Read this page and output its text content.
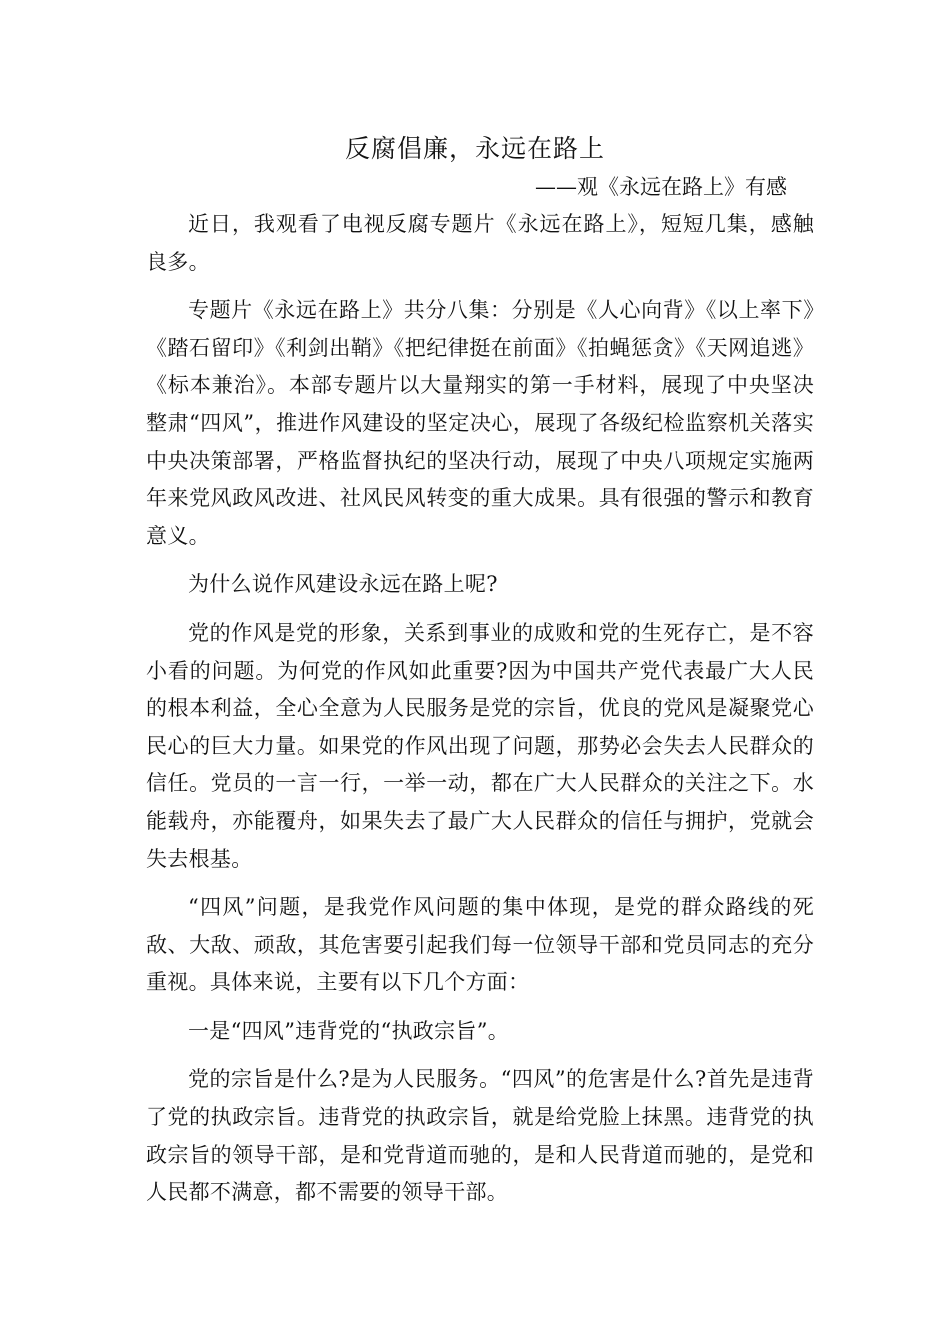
反腐倡廉，永远在路上
——观《永远在路上》有感

近日，我观看了电视反腐专题片《永远在路上》，短短几集，感触良多。

专题片《永远在路上》共分八集：分别是《人心向背》《以上率下》《踏石留印》《利剑出鞘》《把纪律挺在前面》《拍蝇惩贪》《天网追逃》《标本兼治》。本部专题片以大量翔实的第一手材料，展现了中央坚决整肃“四风”，推进作风建设的坚定决心，展现了各级纪检监察机关落实中央决策部署，严格监督执纪的坚决行动，展现了中央八项规定实施两年来党风政风改进、社风民风转变的重大成果。具有很强的警示和教育意义。

为什么说作风建设永远在路上呢?

党的作风是党的形象，关系到事业的成败和党的生死存亡，是不容小看的问题。为何党的作风如此重要?因为中国共产党代表最广大人民的根本利益，全心全意为人民服务是党的宗旨，优良的党风是凝聚党心民心的巨大力量。如果党的作风出现了问题，那势必会失去人民群众的信任。党员的一言一行，一举一动，都在广大人民群众的关注之下。水能载舟，亦能覆舟，如果失去了最广大人民群众的信任与拥护，党就会失去根基。

“四风”问题，是我党作风问题的集中体现，是党的群众路线的死敌、大敌、顽敌，其危害要引起我们每一位领导干部和党员同志的充分重视。具体来说，主要有以下几个方面：

一是“四风”违背党的“执政宗旨”。

党的宗旨是什么?是为人民服务。“四风”的危害是什么?首先是违背了党的执政宗旨。违背党的执政宗旨，就是给党脸上抹黑。违背党的执政宗旨的领导干部，是和党背道而驰的，是和人民背道而驰的，是党和人民都不满意，都不需要的领导干部。
